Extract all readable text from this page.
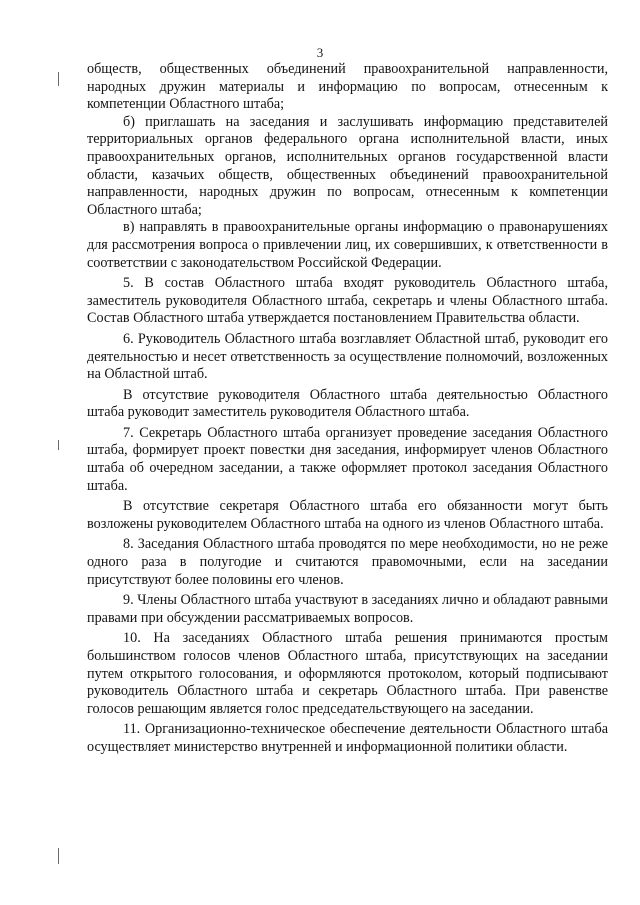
3

обществ, общественных объединений правоохранительной направленности, народных дружин материалы и информацию по вопросам, отнесенным к компетенции Областного штаба;

б) приглашать на заседания и заслушивать информацию представителей территориальных органов федерального органа исполнительной власти, иных правоохранительных органов, исполнительных органов государственной власти области, казачьих обществ, общественных объединений правоохранительной направленности, народных дружин по вопросам, отнесенным к компетенции Областного штаба;

в) направлять в правоохранительные органы информацию о правонарушениях для рассмотрения вопроса о привлечении лиц, их совершивших, к ответственности в соответствии с законодательством Российской Федерации.

5. В состав Областного штаба входят руководитель Областного штаба, заместитель руководителя Областного штаба, секретарь и члены Областного штаба. Состав Областного штаба утверждается постановлением Правительства области.

6. Руководитель Областного штаба возглавляет Областной штаб, руководит его деятельностью и несет ответственность за осуществление полномочий, возложенных на Областной штаб.

В отсутствие руководителя Областного штаба деятельностью Областного штаба руководит заместитель руководителя Областного штаба.

7. Секретарь Областного штаба организует проведение заседания Областного штаба, формирует проект повестки дня заседания, информирует членов Областного штаба об очередном заседании, а также оформляет протокол заседания Областного штаба.

В отсутствие секретаря Областного штаба его обязанности могут быть возложены руководителем Областного штаба на одного из членов Областного штаба.

8. Заседания Областного штаба проводятся по мере необходимости, но не реже одного раза в полугодие и считаются правомочными, если на заседании присутствуют более половины его членов.

9. Члены Областного штаба участвуют в заседаниях лично и обладают равными правами при обсуждении рассматриваемых вопросов.

10. На заседаниях Областного штаба решения принимаются простым большинством голосов членов Областного штаба, присутствующих на заседании путем открытого голосования, и оформляются протоколом, который подписывают руководитель Областного штаба и секретарь Областного штаба. При равенстве голосов решающим является голос председательствующего на заседании.

11. Организационно-техническое обеспечение деятельности Областного штаба осуществляет министерство внутренней и информационной политики области.
